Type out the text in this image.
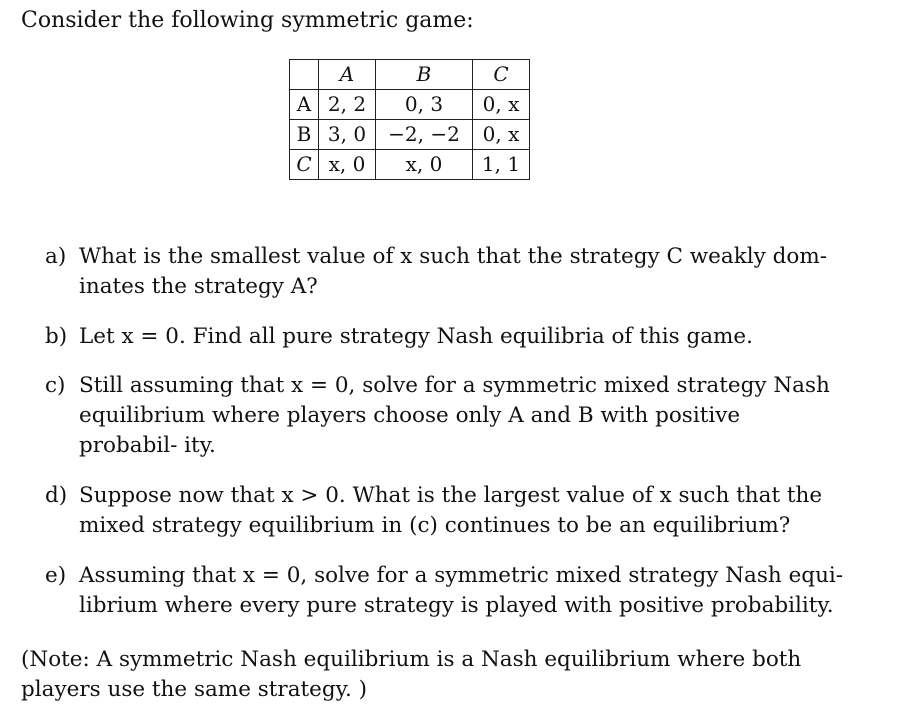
Consider the following symmetric game:
	A	B	C
A	2, 2	0, 3	0, x
B	3, 0	−2, −2	0, x
C	x, 0	x, 0	1, 1
a) What is the smallest value of x such that the strategy C weakly dom- inates the strategy A?
b) Let x = 0. Find all pure strategy Nash equilibria of this game.
c) Still assuming that x = 0, solve for a symmetric mixed strategy Nash equilibrium where players choose only A and B with positive probabil- ity.
d) Suppose now that x > 0. What is the largest value of x such that the mixed strategy equilibrium in (c) continues to be an equilibrium?
e) Assuming that x = 0, solve for a symmetric mixed strategy Nash equi- librium where every pure strategy is played with positive probability.
(Note: A symmetric Nash equilibrium is a Nash equilibrium where both players use the same strategy. )
